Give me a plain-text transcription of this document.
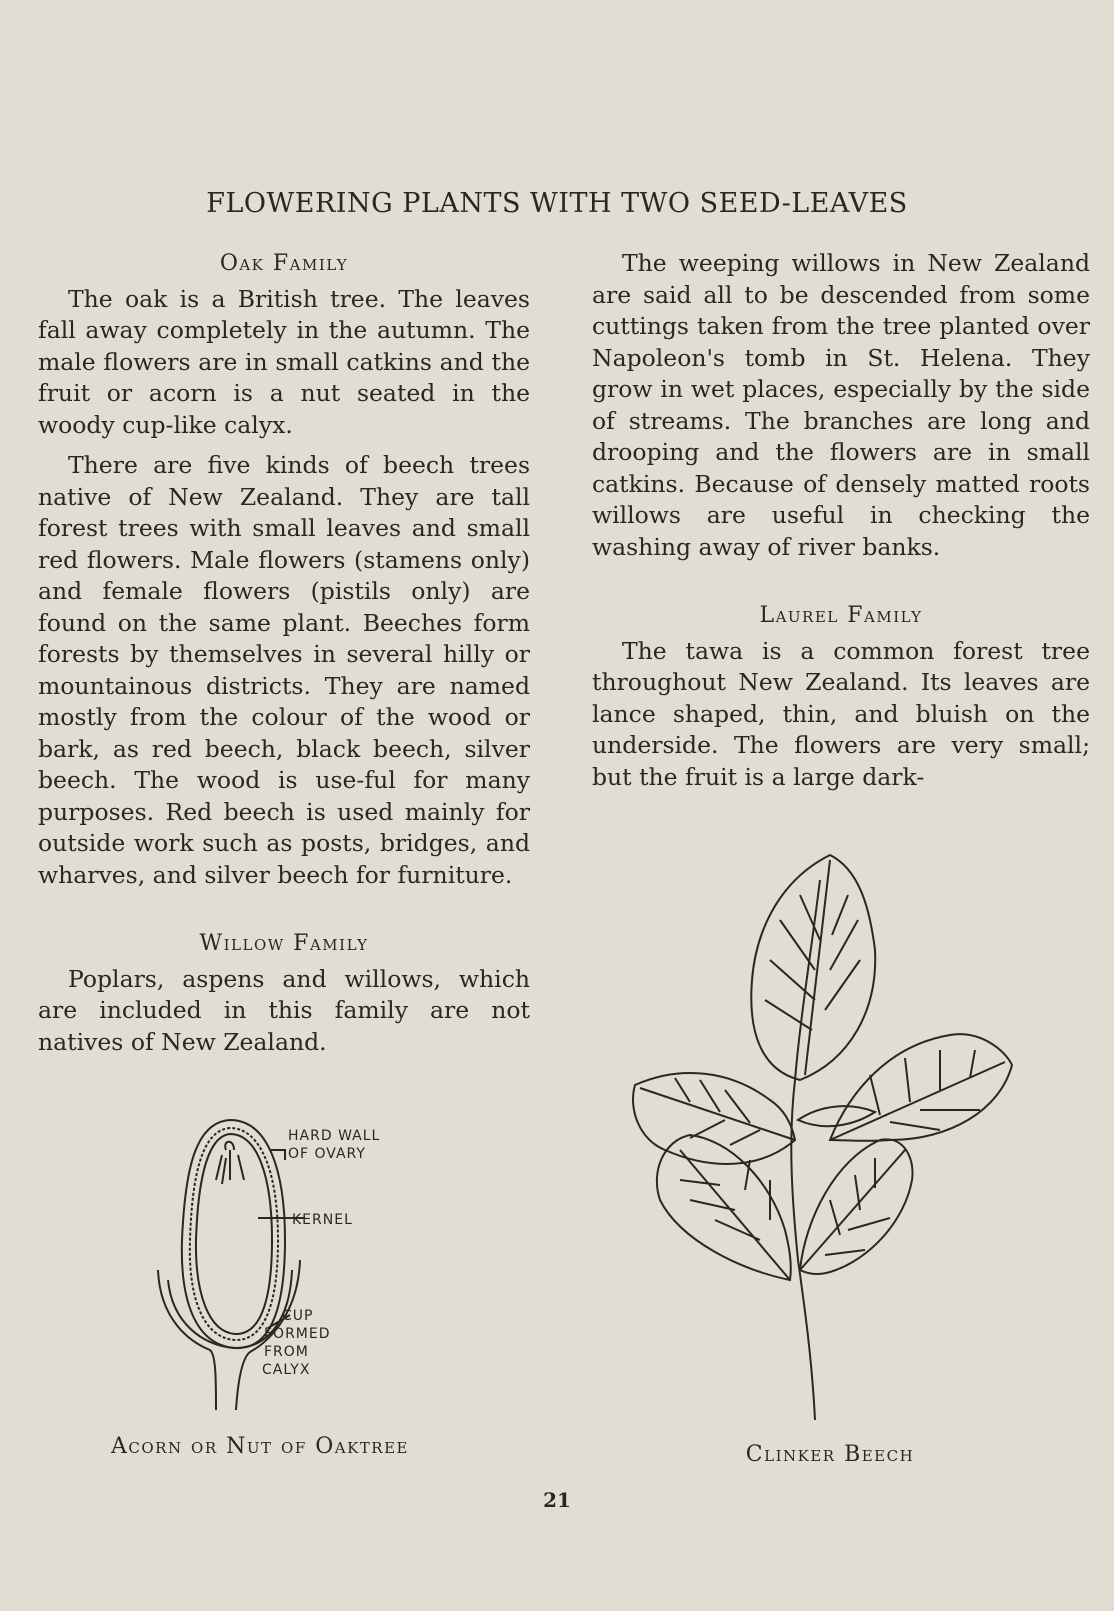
FLOWERING PLANTS WITH TWO SEED-LEAVES
Oak Family

The oak is a British tree. The leaves fall away completely in the autumn. The male flowers are in small catkins and the fruit or acorn is a nut seated in the woody cup-like calyx.

There are five kinds of beech trees native of New Zealand. They are tall forest trees with small leaves and small red flowers. Male flowers (stamens only) and female flowers (pistils only) are found on the same plant. Beeches form forests by themselves in several hilly or mountainous districts. They are named mostly from the colour of the wood or bark, as red beech, black beech, silver beech. The wood is use-ful for many purposes. Red beech is used mainly for outside work such as posts, bridges, and wharves, and silver beech for furniture.

Willow Family

Poplars, aspens and willows, which are included in this family are not natives of New Zealand.

The weeping willows in New Zealand are said all to be descended from some cuttings taken from the tree planted over Napoleon's tomb in St. Helena. They grow in wet places, especially by the side of streams. The branches are long and drooping and the flowers are in small catkins. Because of densely matted roots willows are useful in checking the washing away of river banks.

Laurel Family

The tawa is a common forest tree throughout New Zealand. Its leaves are lance shaped, thin, and bluish on the underside. The flowers are very small; but the fruit is a large dark-

HARD WALL
OF OVARY
KERNEL
CUP
FORMED
FROM
CALYX
Acorn or Nut of Oaktree	Clinker Beech
21
